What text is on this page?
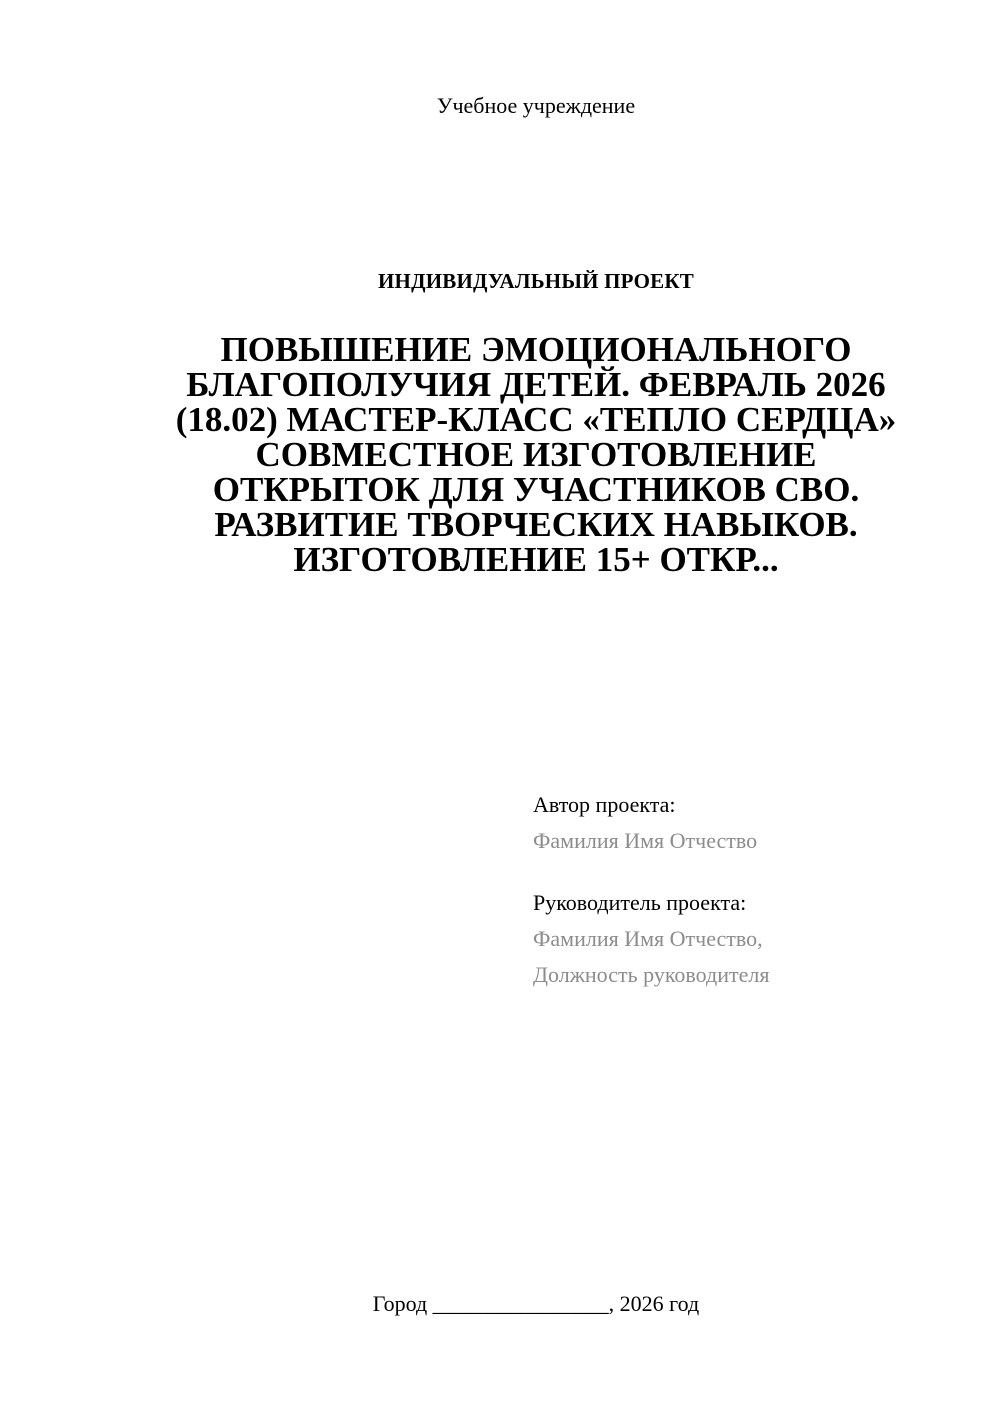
Учебное учреждение
ИНДИВИДУАЛЬНЫЙ ПРОЕКТ
ПОВЫШЕНИЕ ЭМОЦИОНАЛЬНОГО БЛАГОПОЛУЧИЯ ДЕТЕЙ. ФЕВРАЛЬ 2026 (18.02) МАСТЕР-КЛАСС «ТЕПЛО СЕРДЦА» СОВМЕСТНОЕ ИЗГОТОВЛЕНИЕ ОТКРЫТОК ДЛЯ УЧАСТНИКОВ СВО. РАЗВИТИЕ ТВОРЧЕСКИХ НАВЫКОВ. ИЗГОТОВЛЕНИЕ 15+ ОТКР...
Автор проекта:
Фамилия Имя Отчество
Руководитель проекта:
Фамилия Имя Отчество,
Должность руководителя
Город ________________, 2026 год
